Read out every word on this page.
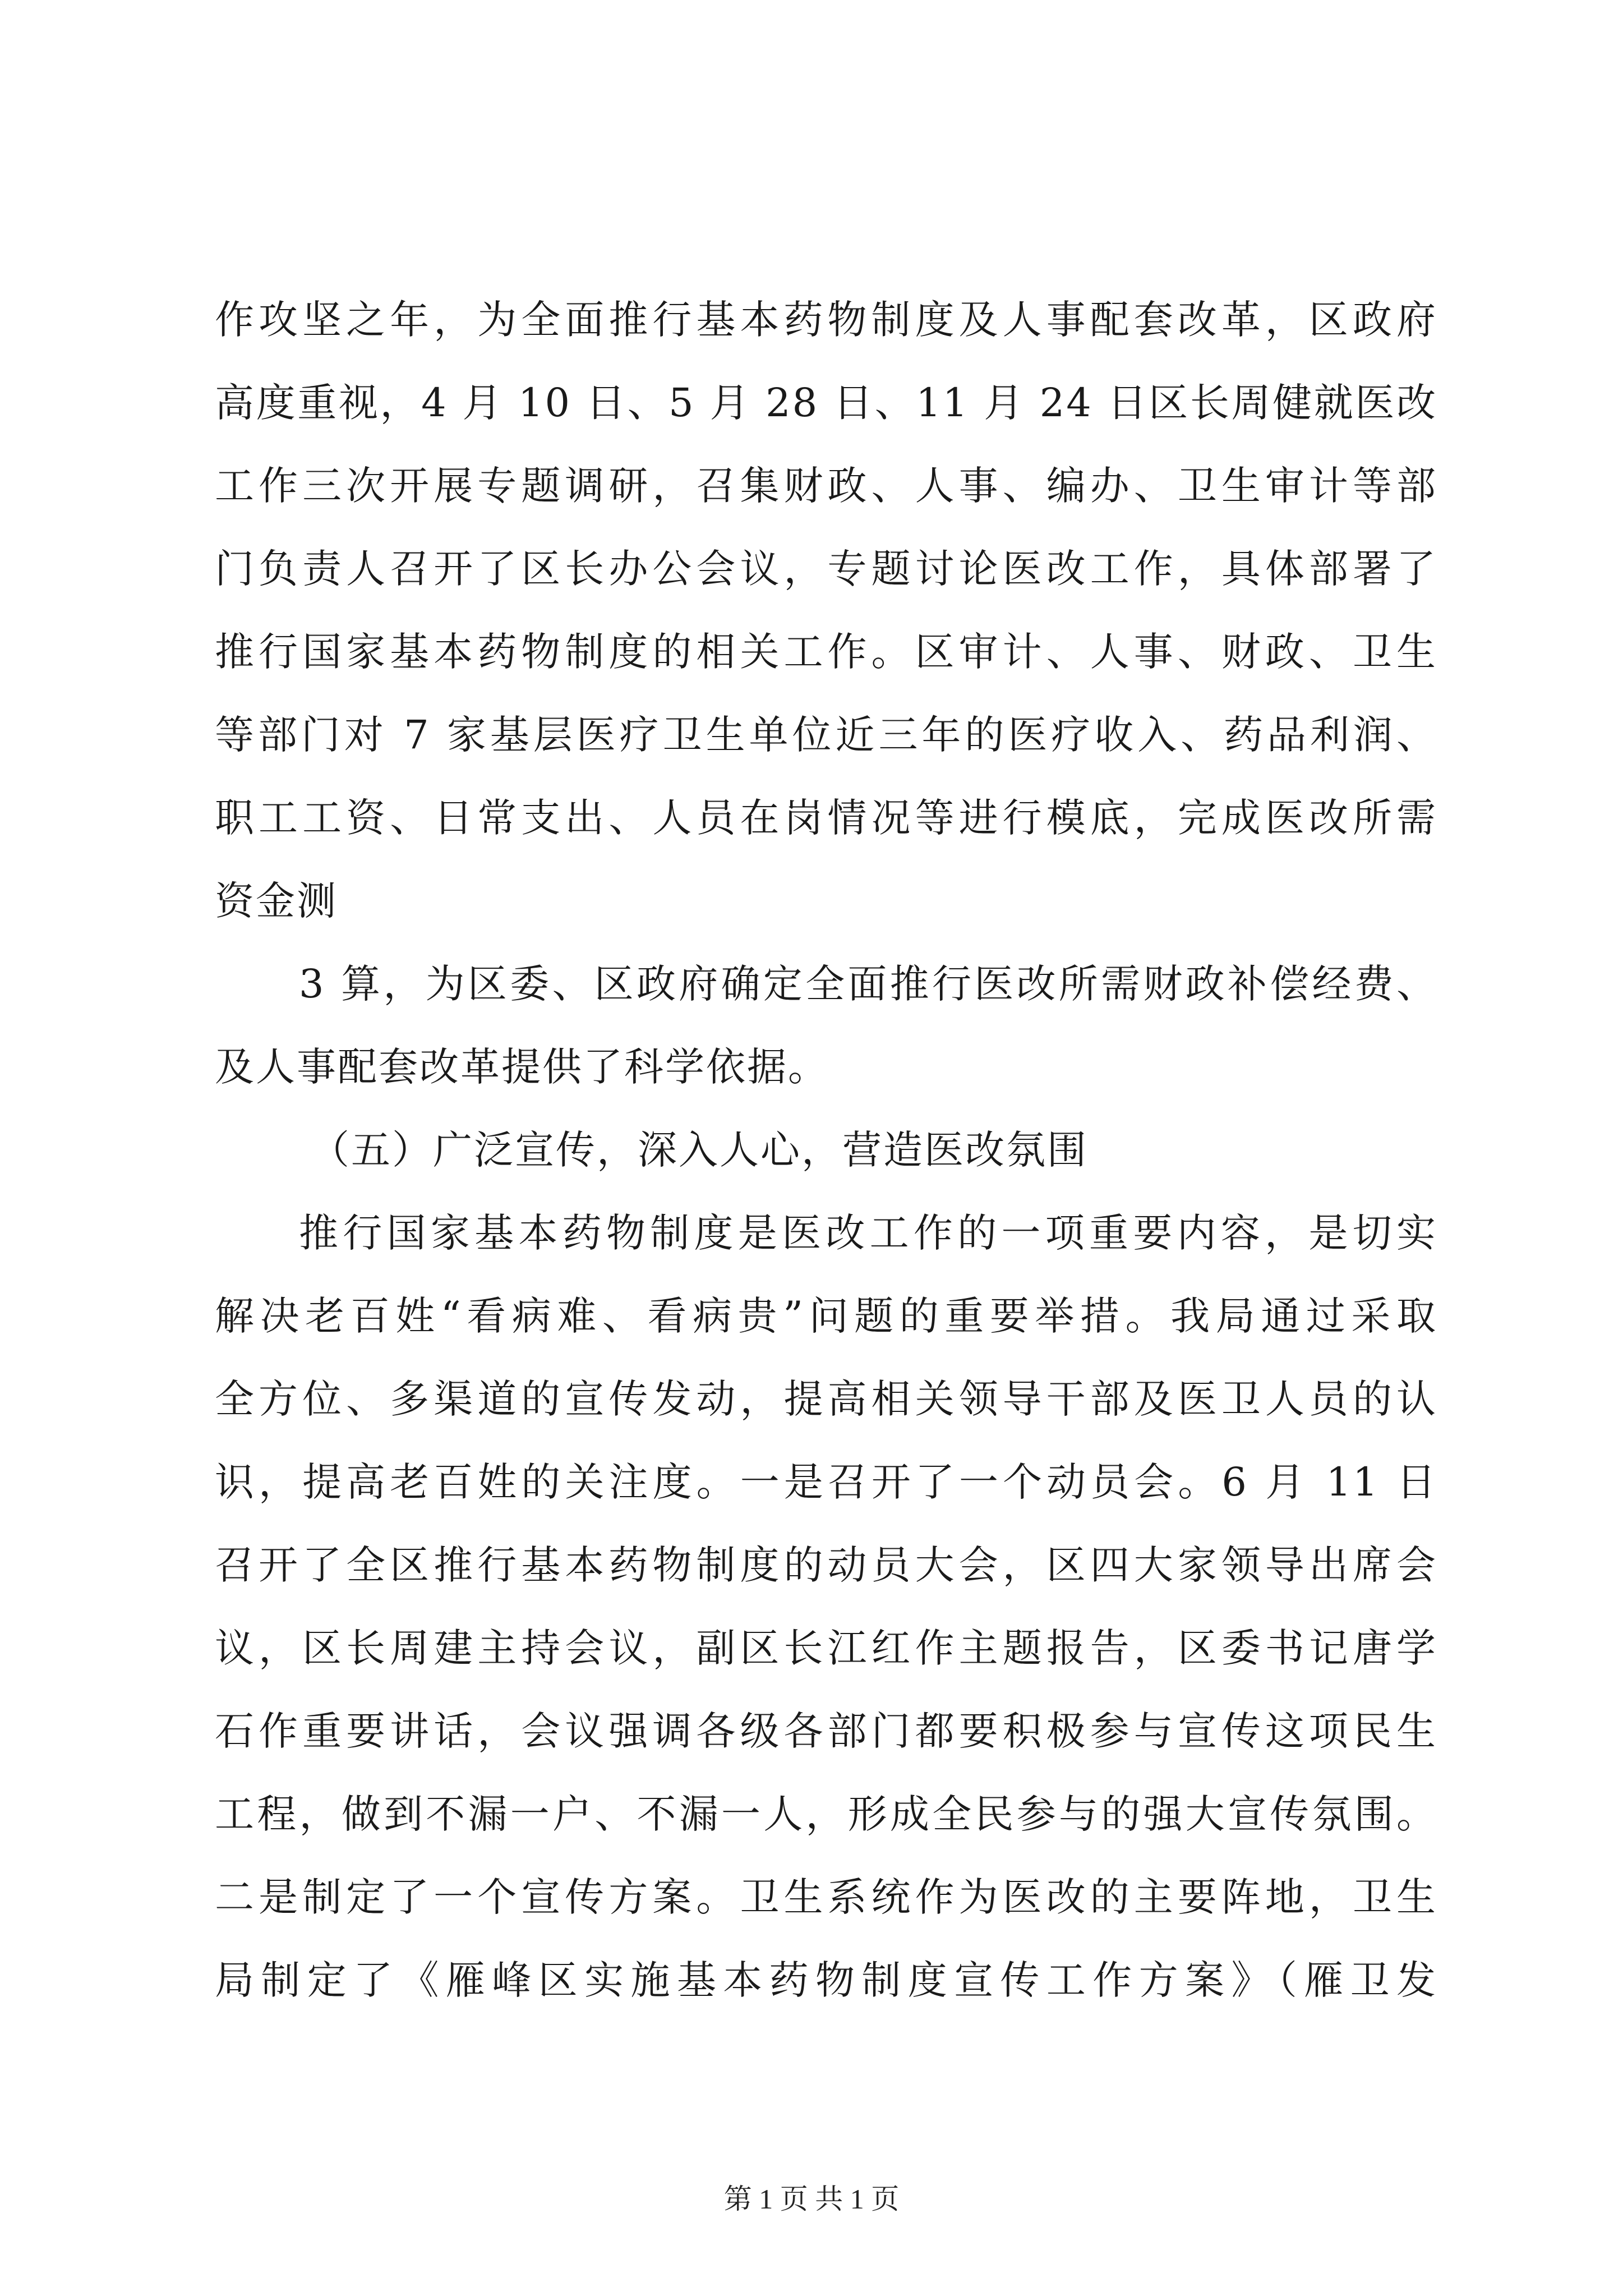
作攻坚之年，为全面推行基本药物制度及人事配套改革，区政府
高度重视，4 月 10 日、5 月 28 日、11 月 24 日区长周健就医改
工作三次开展专题调研，召集财政、人事、编办、卫生审计等部
门负责人召开了区长办公会议，专题讨论医改工作，具体部署了
推行国家基本药物制度的相关工作。区审计、人事、财政、卫生
等部门对 7 家基层医疗卫生单位近三年的医疗收入、药品利润、
职工工资、日常支出、人员在岗情况等进行模底，完成医改所需
资金测
3 算，为区委、区政府确定全面推行医改所需财政补偿经费、
及人事配套改革提供了科学依据。
（五）广泛宣传，深入人心，营造医改氛围
推行国家基本药物制度是医改工作的一项重要内容，是切实
解决老百姓“看病难、看病贵”问题的重要举措。我局通过采取
全方位、多渠道的宣传发动，提高相关领导干部及医卫人员的认
识，提高老百姓的关注度。一是召开了一个动员会。6 月 11 日
召开了全区推行基本药物制度的动员大会，区四大家领导出席会
议，区长周建主持会议，副区长江红作主题报告，区委书记唐学
石作重要讲话，会议强调各级各部门都要积极参与宣传这项民生
工程，做到不漏一户、不漏一人，形成全民参与的强大宣传氛围。
二是制定了一个宣传方案。卫生系统作为医改的主要阵地，卫生
局制定了《雁峰区实施基本药物制度宣传工作方案》（雁卫发
第 1 页 共 1 页
